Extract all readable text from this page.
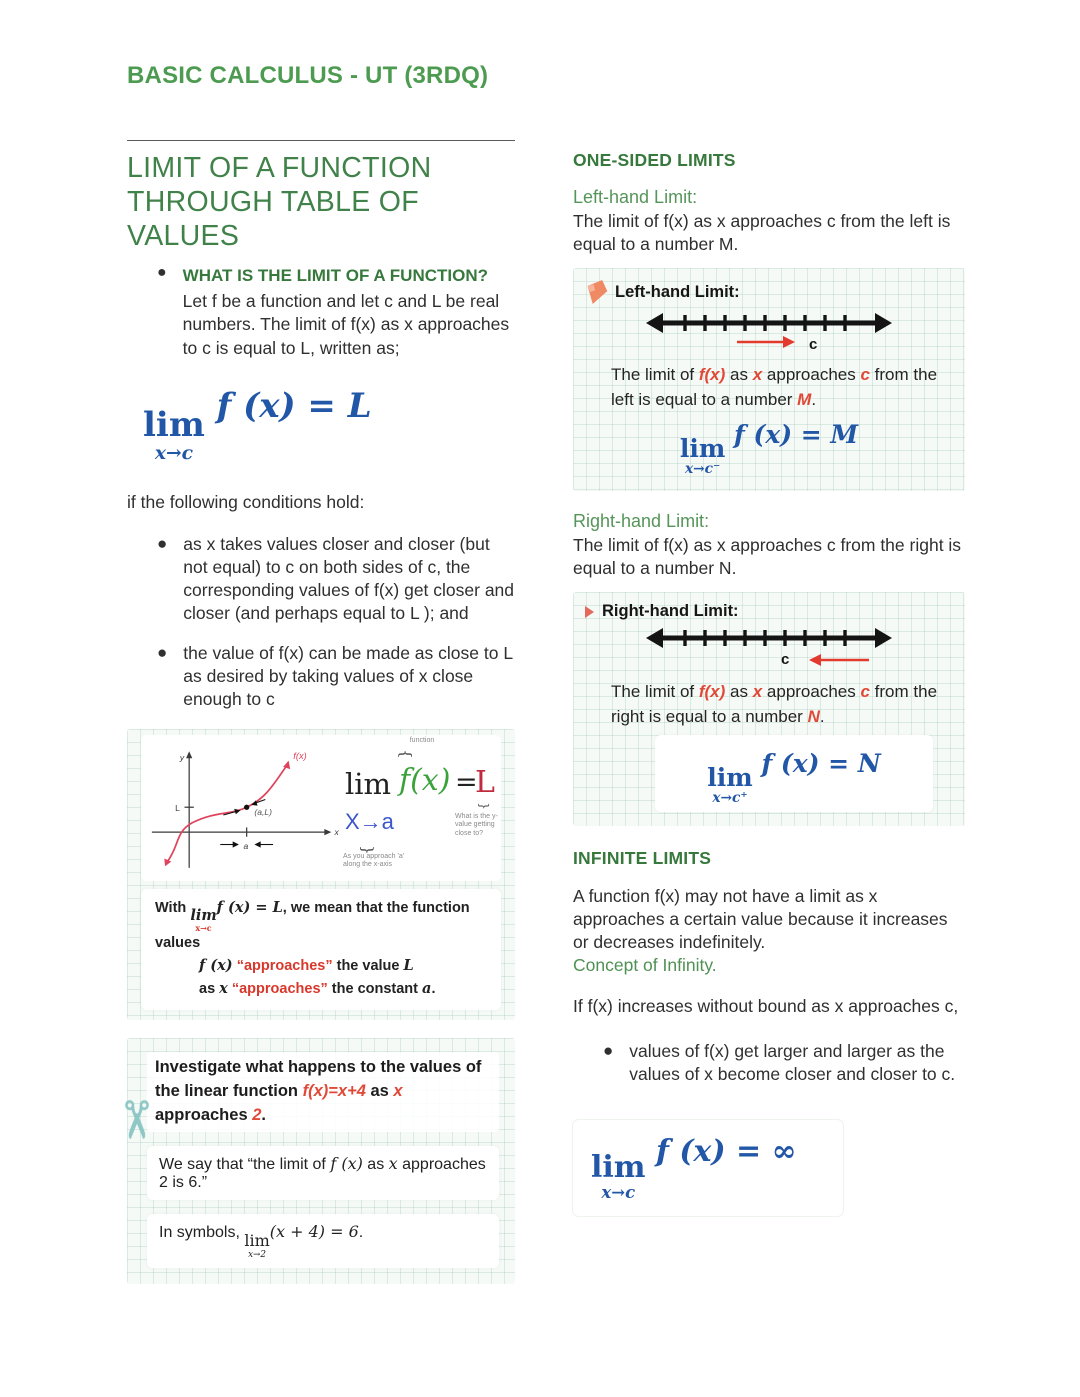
BASIC CALCULUS - UT (3RDQ)
LIMIT OF A FUNCTION THROUGH TABLE OF VALUES
● WHAT IS THE LIMIT OF A FUNCTION?
Let f be a function and let c and L be real numbers. The limit of f(x) as x approaches to c is equal to L, written as;
lim
x→c
f (x) = L

if the following conditions hold:

● as x takes values closer and closer (but not equal) to c on both sides of c, the corresponding values of f(x) get closer and closer (and perhaps equal to L ); and
● the value of f(x) can be made as close to L as desired by taking values of x close enough to c
y
x
f(x)
(a,L)
L
a
function
{
lim f(x) =
L
X→a
{
As you approach 'a' along the x-axis
{
What is the y-value getting close to?
With lim
x→c
f (x) = L, we mean that the function values
f (x) “approaches” the value L
as x “approaches” the constant a.
✂
Investigate what happens to the values of the linear function f(x)=x+4 as x approaches 2.
We say that “the limit of f (x) as x approaches 2 is 6.”
In symbols, lim
x→2
(x + 4) = 6.
ONE-SIDED LIMITS

Left-hand Limit:

The limit of f(x) as x approaches c from the left is equal to a number M.

Left-hand Limit:
c
The limit of f(x) as x approaches c from the left is equal to a number M.
lim
x→c⁻
f (x) = M

Right-hand Limit:

The limit of f(x) as x approaches c from the right is equal to a number N.

Right-hand Limit:
c
The limit of f(x) as x approaches c from the right is equal to a number N.
lim
x→c⁺
f (x) = N
INFINITE LIMITS

A function f(x) may not have a limit as x approaches a certain value because it increases or decreases indefinitely.
Concept of Infinity.

If f(x) increases without bound as x approaches c,

● values of f(x) get larger and larger as the values of x become closer and closer to c.
lim
x→c
f (x) = ∞
